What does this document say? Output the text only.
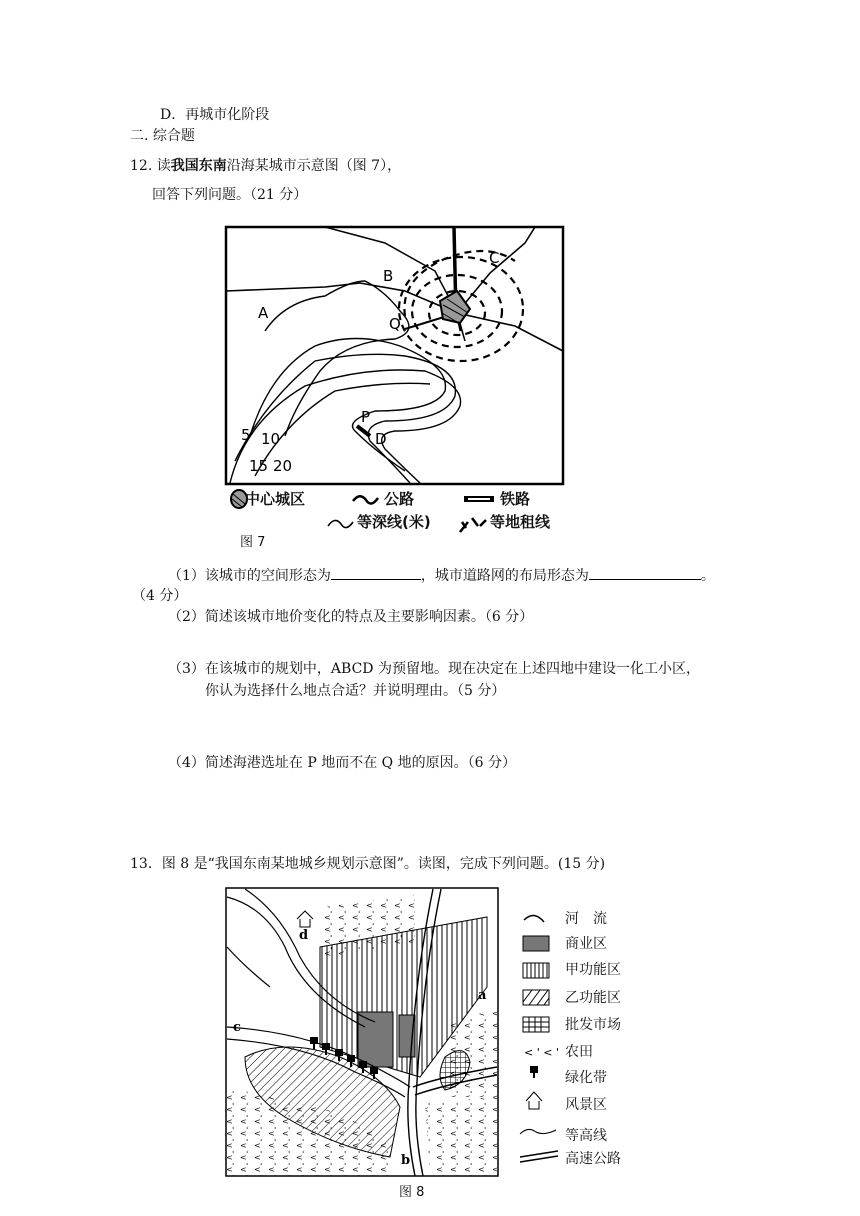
D．再城市化阶段
二. 综合题
12. 读我国东南沿海某城市示意图（图 7），
回答下列问题。（21 分）
A
B
C
Q
P
D
5 10
15 20
中心城区	公路	铁路
等深线(米)	等地租线
图 7
（1）该城市的空间形态为	，城市道路网的布局形态为	。
（4 分）
（2）简述该城市地价变化的特点及主要影响因素。（6 分）
（3）在该城市的规划中，ABCD 为预留地。现在决定在上述四地中建设一化工小区，
你认为选择什么地点合适？并说明理由。（5 分）
（4）简述海港选址在 P 地而不在 Q 地的原因。（6 分）
13．图 8 是“我国东南某地城乡规划示意图”。读图，完成下列问题。(15 分)
a
b
c
d
< ' < '
河　流
商业区
甲功能区
乙功能区
批发市场
农田
绿化带
风景区
等高线
高速公路
图 8
